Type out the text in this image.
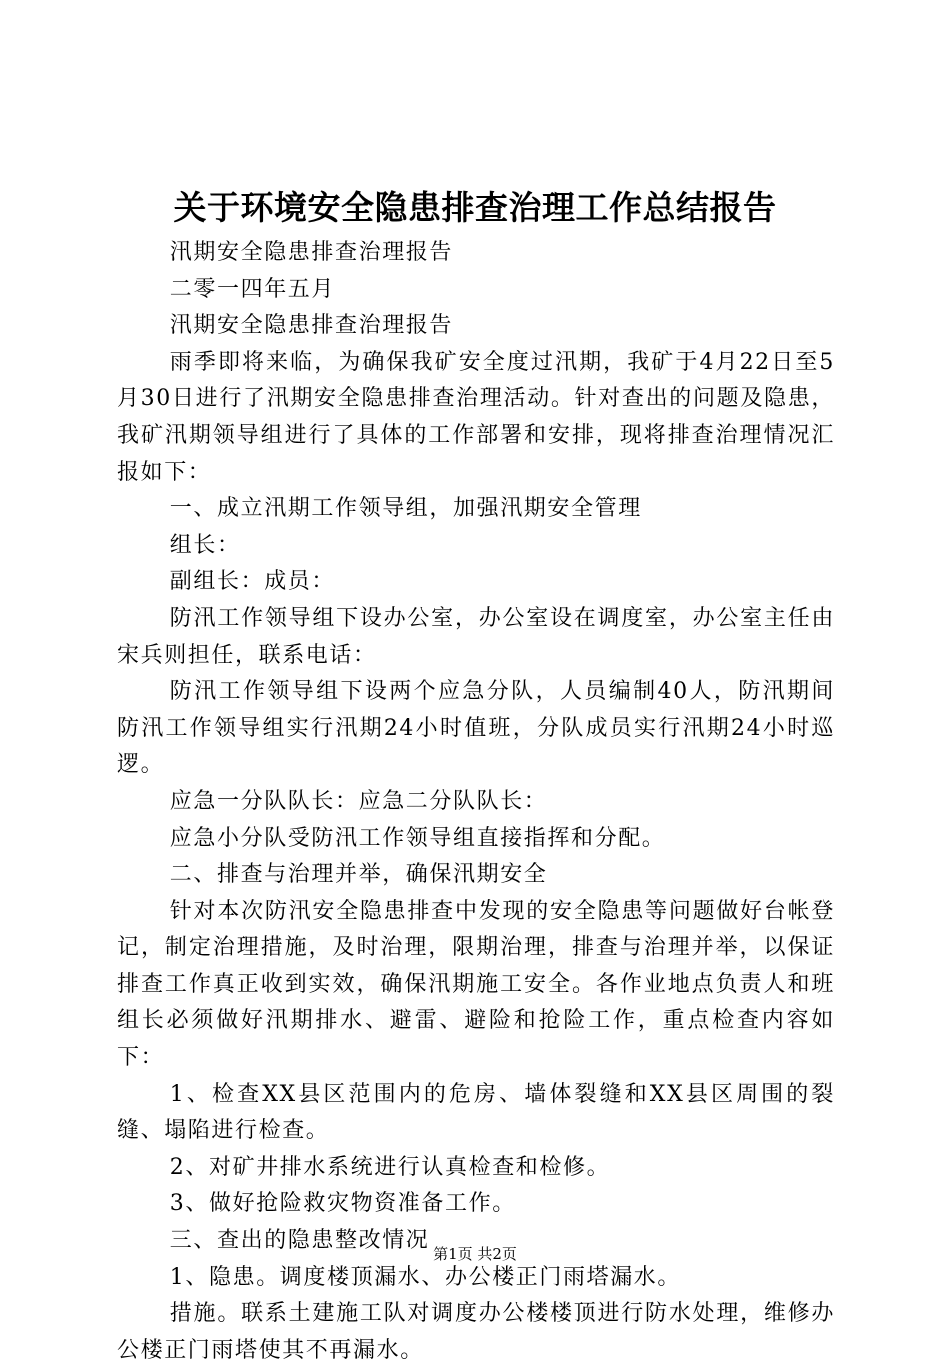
关于环境安全隐患排查治理工作总结报告

汛期安全隐患排查治理报告

二零一四年五月

汛期安全隐患排查治理报告

雨季即将来临，为确保我矿安全度过汛期，我矿于4月22日至5月30日进行了汛期安全隐患排查治理活动。针对查出的问题及隐患，我矿汛期领导组进行了具体的工作部署和安排，现将排查治理情况汇报如下：

一、成立汛期工作领导组，加强汛期安全管理

组长：

副组长：成员：

防汛工作领导组下设办公室，办公室设在调度室，办公室主任由宋兵则担任，联系电话：

防汛工作领导组下设两个应急分队，人员编制40人，防汛期间防汛工作领导组实行汛期24小时值班，分队成员实行汛期24小时巡逻。

应急一分队队长：应急二分队队长：

应急小分队受防汛工作领导组直接指挥和分配。

二、排查与治理并举，确保汛期安全

针对本次防汛安全隐患排查中发现的安全隐患等问题做好台帐登记，制定治理措施，及时治理，限期治理，排查与治理并举，以保证排查工作真正收到实效，确保汛期施工安全。各作业地点负责人和班组长必须做好汛期排水、避雷、避险和抢险工作，重点检查内容如下：

1、检查XX县区范围内的危房、墙体裂缝和XX县区周围的裂缝、塌陷进行检查。

2、对矿井排水系统进行认真检查和检修。

3、做好抢险救灾物资准备工作。

三、查出的隐患整改情况

1、隐患。调度楼顶漏水、办公楼正门雨塔漏水。

措施。联系土建施工队对调度办公楼楼顶进行防水处理，维修办公楼正门雨塔使其不再漏水。

第1页 共2页
